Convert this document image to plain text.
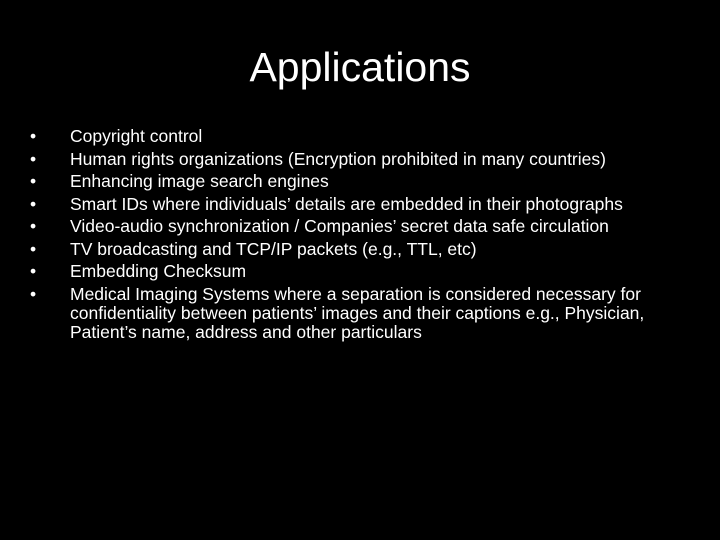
Applications
•	Copyright control
•	Human rights organizations (Encryption prohibited in many countries)
•	Enhancing image search engines
•	Smart IDs where individuals’ details are embedded in their photographs
•	Video-audio synchronization / Companies’ secret data safe circulation
•	TV broadcasting and TCP/IP packets (e.g., TTL, etc)
•	Embedding Checksum
•	Medical Imaging Systems where a separation is considered necessary for confidentiality between patients’ images and their captions e.g., Physician, Patient’s name, address and other particulars
